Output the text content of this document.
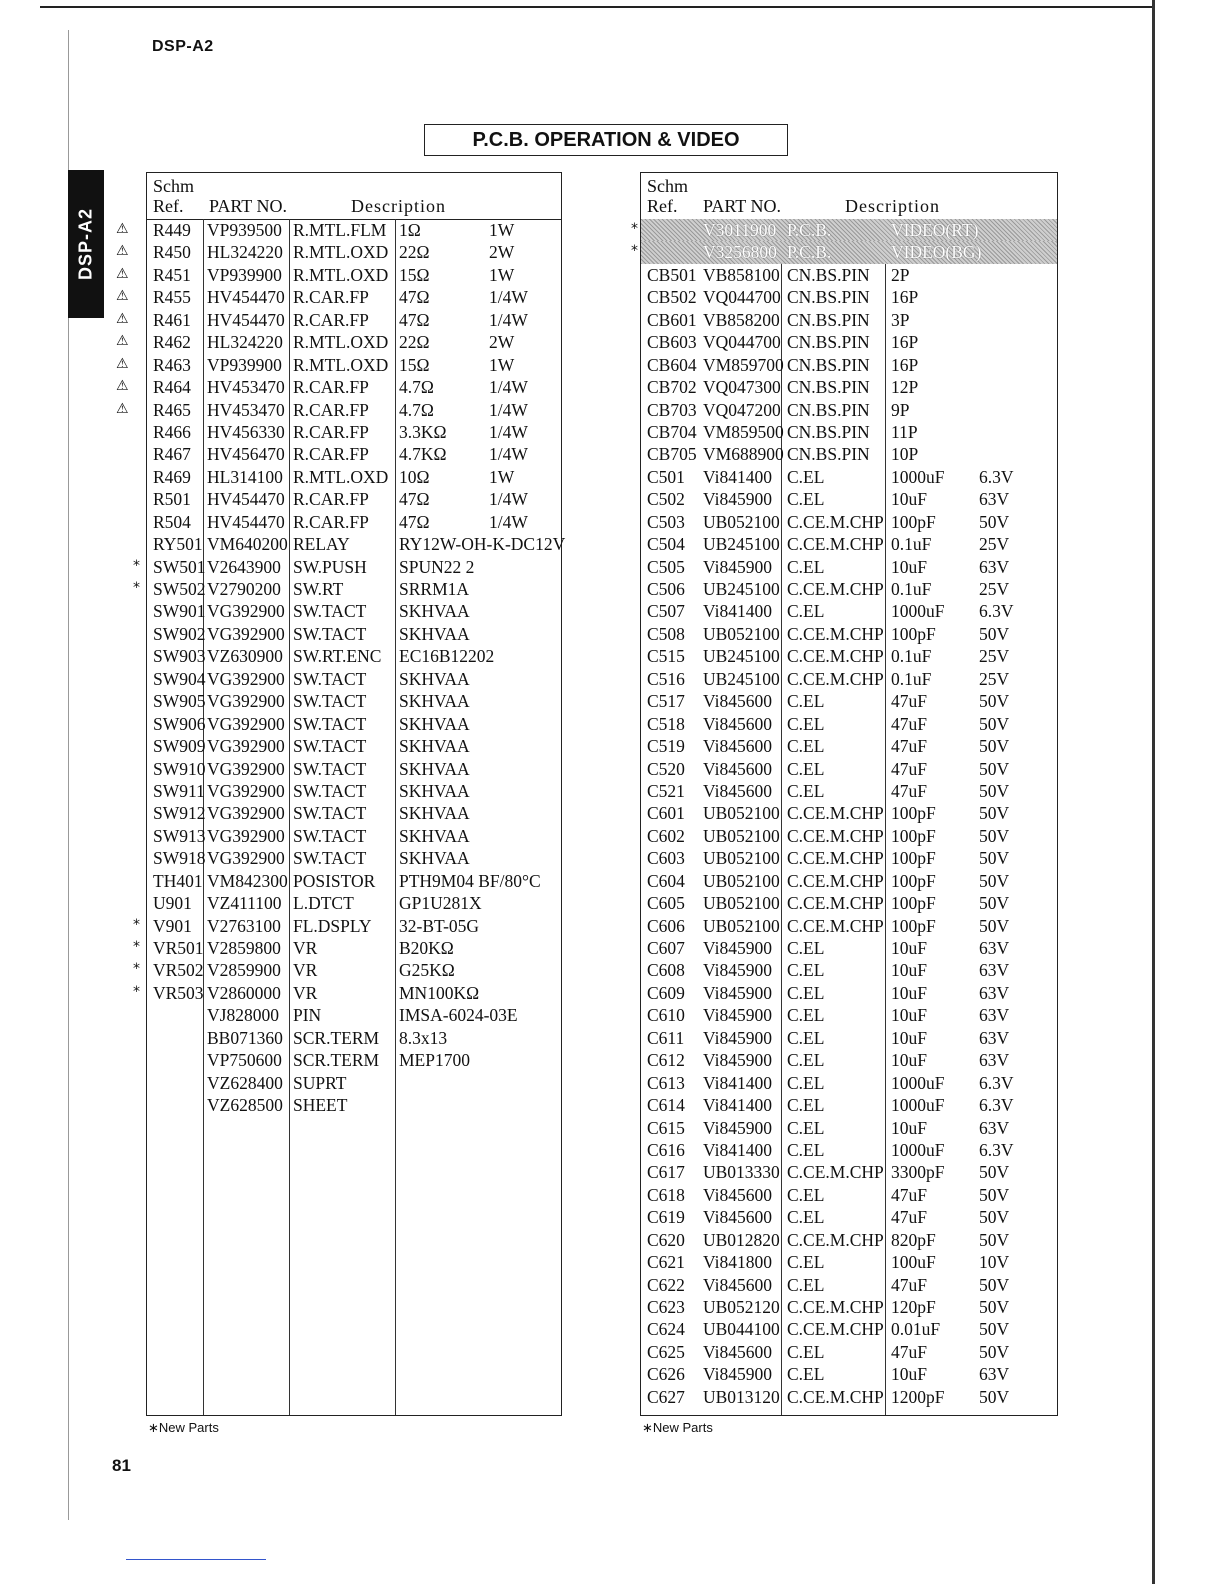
DSP-A2
DSP-A2
P.C.B. OPERATION & VIDEO
Schm
Ref.	PART NO.	Description
R449 VP939500 R.MTL.FLM 1Ω	1W
R450 HL324220 R.MTL.OXD 22Ω	2W
R451 VP939900 R.MTL.OXD 15Ω	1W
R455 HV454470 R.CAR.FP 47Ω	1/4W
R461 HV454470 R.CAR.FP 47Ω	1/4W
R462 HL324220 R.MTL.OXD 22Ω	2W
R463 VP939900 R.MTL.OXD 15Ω	1W
R464 HV453470 R.CAR.FP 4.7Ω	1/4W
R465 HV453470 R.CAR.FP 4.7Ω	1/4W
R466 HV456330 R.CAR.FP 3.3KΩ 1/4W
R467 HV456470 R.CAR.FP 4.7KΩ 1/4W
R469 HL314100 R.MTL.OXD 10Ω	1W
R501 HV454470 R.CAR.FP 47Ω	1/4W
R504 HV454470 R.CAR.FP 47Ω	1/4W
RY501 VM640200 RELAY	RY12W-OH-K-DC12V
SW501 V2643900 SW.PUSH SPUN22 2
SW502 V2790200 SW.RT	SRRM1A
SW901 VG392900 SW.TACT SKHVAA
SW902 VG392900 SW.TACT SKHVAA
SW903 VZ630900 SW.RT.ENC EC16B12202
SW904 VG392900 SW.TACT SKHVAA
SW905 VG392900 SW.TACT SKHVAA
SW906 VG392900 SW.TACT SKHVAA
SW909 VG392900 SW.TACT SKHVAA
SW910 VG392900 SW.TACT SKHVAA
SW911 VG392900 SW.TACT SKHVAA
SW912 VG392900 SW.TACT SKHVAA
SW913 VG392900 SW.TACT SKHVAA
SW918 VG392900 SW.TACT SKHVAA
TH401 VM842300 POSISTOR PTH9M04 BF/80°C
U901 VZ411100 L.DTCT	GP1U281X
V901 V2763100 FL.DSPLY 32-BT-05G
VR501 V2859800 VR	B20KΩ
VR502 V2859900 VR	G25KΩ
VR503 V2860000 VR	MN100KΩ
VJ828000 PIN	IMSA-6024-03E
BB071360 SCR.TERM 8.3x13
VP750600 SCR.TERM MEP1700
VZ628400 SUPRT
VZ628500 SHEET
∗New Parts
Schm
Ref.	PART NO.	Description
V3011900 P.C.B.	VIDEO(RT)
V3256800 P.C.B.	VIDEO(BG)
CB501 VB858100 CN.BS.PIN 2P
CB502 VQ044700 CN.BS.PIN 16P
CB601 VB858200 CN.BS.PIN 3P
CB603 VQ044700 CN.BS.PIN 16P
CB604 VM859700 CN.BS.PIN 16P
CB702 VQ047300 CN.BS.PIN 12P
CB703 VQ047200 CN.BS.PIN 9P
CB704 VM859500 CN.BS.PIN 11P
CB705 VM688900 CN.BS.PIN 10P
C501 Vi841400 C.EL	1000uF 6.3V
C502 Vi845900 C.EL	10uF	63V
C503 UB052100 C.CE.M.CHP 100pF 50V
C504 UB245100 C.CE.M.CHP 0.1uF	25V
C505 Vi845900 C.EL	10uF	63V
C506 UB245100 C.CE.M.CHP 0.1uF	25V
C507 Vi841400 C.EL	1000uF 6.3V
C508 UB052100 C.CE.M.CHP 100pF 50V
C515 UB245100 C.CE.M.CHP 0.1uF	25V
C516 UB245100 C.CE.M.CHP 0.1uF	25V
C517 Vi845600 C.EL	47uF	50V
C518 Vi845600 C.EL	47uF	50V
C519 Vi845600 C.EL	47uF	50V
C520 Vi845600 C.EL	47uF	50V
C521 Vi845600 C.EL	47uF	50V
C601 UB052100 C.CE.M.CHP 100pF 50V
C602 UB052100 C.CE.M.CHP 100pF 50V
C603 UB052100 C.CE.M.CHP 100pF 50V
C604 UB052100 C.CE.M.CHP 100pF 50V
C605 UB052100 C.CE.M.CHP 100pF 50V
C606 UB052100 C.CE.M.CHP 100pF 50V
C607 Vi845900 C.EL	10uF	63V
C608 Vi845900 C.EL	10uF	63V
C609 Vi845900 C.EL	10uF	63V
C610 Vi845900 C.EL	10uF	63V
C611 Vi845900 C.EL	10uF	63V
C612 Vi845900 C.EL	10uF	63V
C613 Vi841400 C.EL	1000uF 6.3V
C614 Vi841400 C.EL	1000uF 6.3V
C615 Vi845900 C.EL	10uF	63V
C616 Vi841400 C.EL	1000uF 6.3V
C617 UB013330 C.CE.M.CHP 3300pF 50V
C618 Vi845600 C.EL	47uF	50V
C619 Vi845600 C.EL	47uF	50V
C620 UB012820 C.CE.M.CHP 820pF 50V
C621 Vi841800 C.EL	100uF 10V
C622 Vi845600 C.EL	47uF	50V
C623 UB052120 C.CE.M.CHP 120pF 50V
C624 UB044100 C.CE.M.CHP 0.01uF 50V
C625 Vi845600 C.EL	47uF	50V
C626 Vi845900 C.EL	10uF	63V
C627 UB013120 C.CE.M.CHP 1200pF 50V
∗New Parts
81
⚠
⚠
⚠
⚠
⚠
⚠
⚠
⚠
⚠
*
*
*
*
*
*
*
*
